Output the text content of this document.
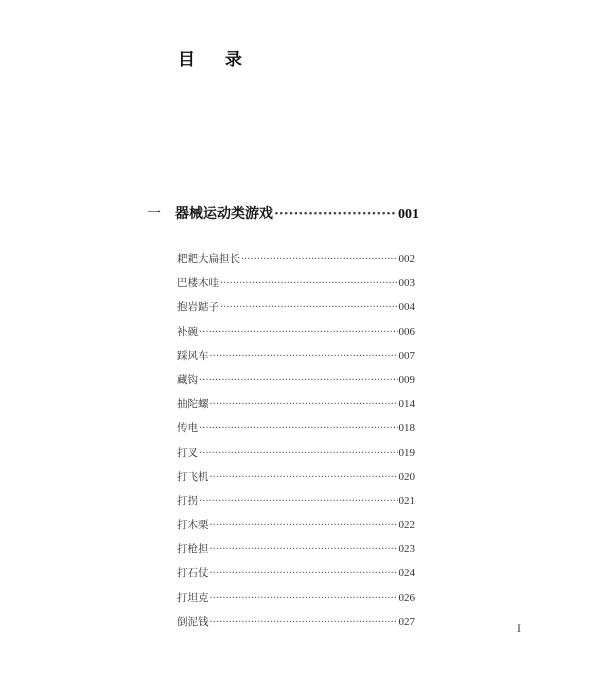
目 录
一	器械运动类游戏 ·····	001
耙耙大扁担长 ·····	002
巴楼木哇 ·····	003
抱岩踮子 ·····	004
补碗 ·····	006
踩风车 ·····	007
藏钩 ·····	009
抽陀螺 ·····	014
传电 ·····	018
打叉 ·····	019
打飞机 ·····	020
打拐 ·····	021
打木栗 ·····	022
打枪担 ·····	023
打石仗 ·····	024
打坦克 ·····	026
倒泥钱 ·····	027	I
